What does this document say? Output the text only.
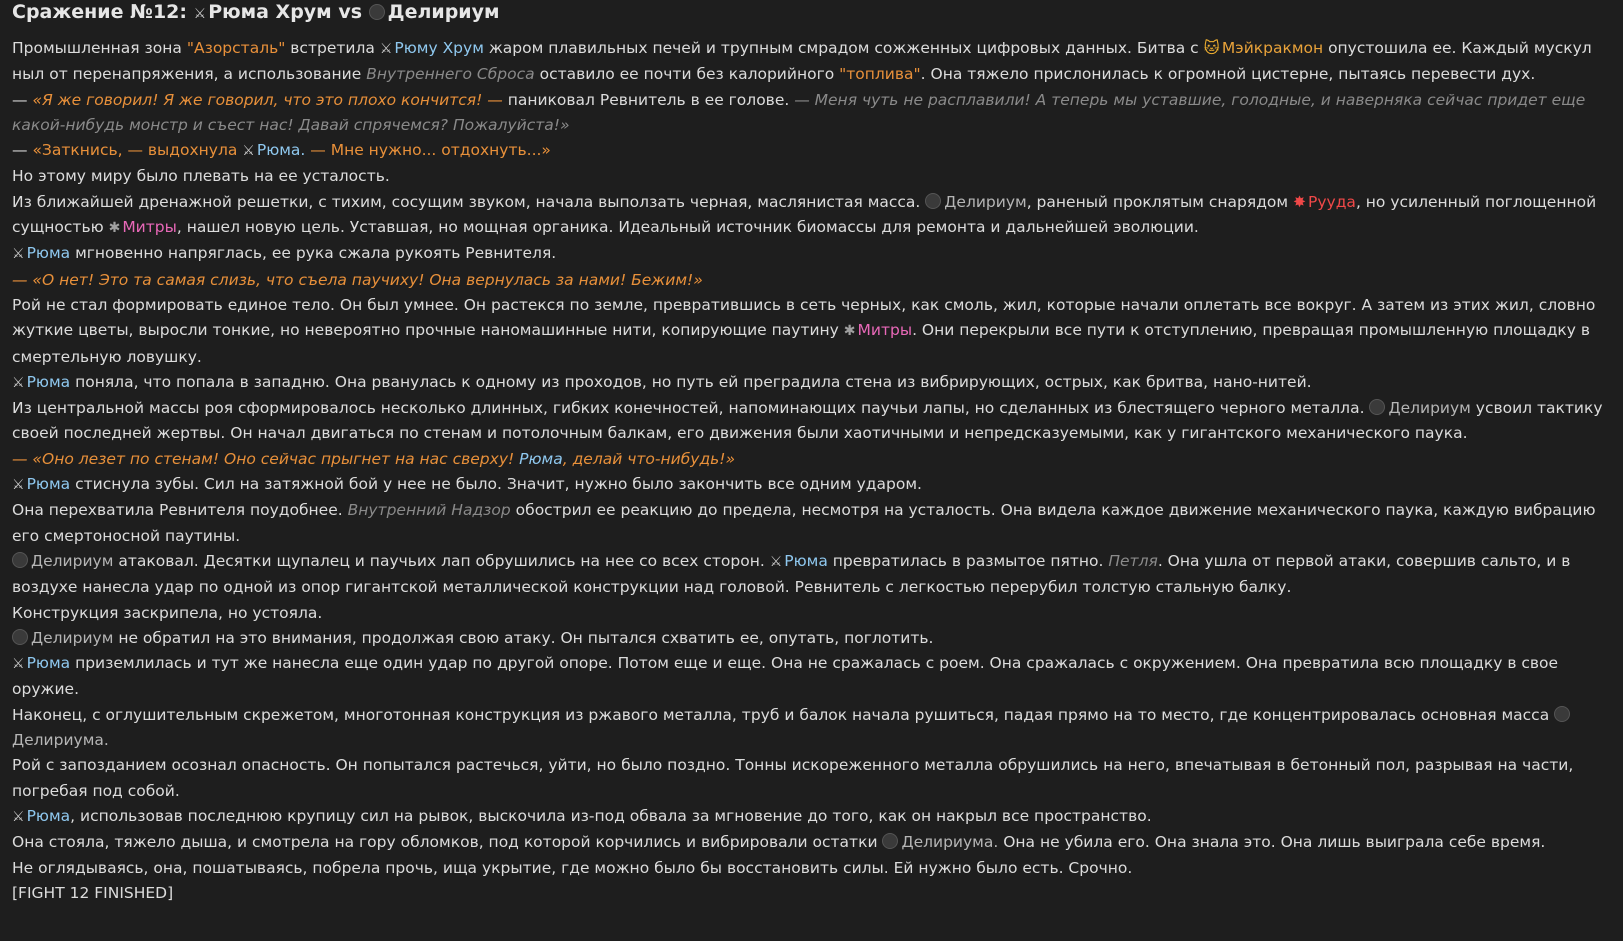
Сражение №12: ⚔ Рюма Хрум vs Делириум

Промышленная зона "Азорсталь" встретила ⚔ Рюму Хрум жаром плавильных печей и трупным смрадом сожженных цифровых данных. Битва с 🐱 Мэйкракмон опустошила ее. Каждый мускул ныл от перенапряжения, а использование Внутреннего Сброса оставило ее почти без калорийного "топлива". Она тяжело прислонилась к огромной цистерне, пытаясь перевести дух.

— «Я же говорил! Я же говорил, что это плохо кончится! — паниковал Ревнитель в ее голове. — Меня чуть не расплавили! А теперь мы уставшие, голодные, и наверняка сейчас придет еще какой-нибудь монстр и съест нас! Давай спрячемся? Пожалуйста!»

— «Заткнись, — выдохнула ⚔ Рюма. — Мне нужно... отдохнуть...»

Но этому миру было плевать на ее усталость.

Из ближайшей дренажной решетки, с тихим, сосущим звуком, начала выползать черная, маслянистая масса. Делириум, раненый проклятым снарядом ✸ Рууда, но усиленный поглощенной сущностью ✱ Митры, нашел новую цель. Уставшая, но мощная органика. Идеальный источник биомассы для ремонта и дальнейшей эволюции.

⚔ Рюма мгновенно напряглась, ее рука сжала рукоять Ревнителя.

— «О нет! Это та самая слизь, что съела паучиху! Она вернулась за нами! Бежим!»

Рой не стал формировать единое тело. Он был умнее. Он растекся по земле, превратившись в сеть черных, как смоль, жил, которые начали оплетать все вокруг. А затем из этих жил, словно жуткие цветы, выросли тонкие, но невероятно прочные наномашинные нити, копирующие паутину ✱ Митры. Они перекрыли все пути к отступлению, превращая промышленную площадку в смертельную ловушку.

⚔ Рюма поняла, что попала в западню. Она рванулась к одному из проходов, но путь ей преградила стена из вибрирующих, острых, как бритва, нано-нитей.

Из центральной массы роя сформировалось несколько длинных, гибких конечностей, напоминающих паучьи лапы, но сделанных из блестящего черного металла. Делириум усвоил тактику своей последней жертвы. Он начал двигаться по стенам и потолочным балкам, его движения были хаотичными и непредсказуемыми, как у гигантского механического паука.

— «Оно лезет по стенам! Оно сейчас прыгнет на нас сверху! Рюма, делай что-нибудь!»

⚔ Рюма стиснула зубы. Сил на затяжной бой у нее не было. Значит, нужно было закончить все одним ударом.

Она перехватила Ревнителя поудобнее. Внутренний Надзор обострил ее реакцию до предела, несмотря на усталость. Она видела каждое движение механического паука, каждую вибрацию его смертоносной паутины.

Делириум атаковал. Десятки щупалец и паучьих лап обрушились на нее со всех сторон. ⚔ Рюма превратилась в размытое пятно. Петля. Она ушла от первой атаки, совершив сальто, и в воздухе нанесла удар по одной из опор гигантской металлической конструкции над головой. Ревнитель с легкостью перерубил толстую стальную балку.

Конструкция заскрипела, но устояла.

Делириум не обратил на это внимания, продолжая свою атаку. Он пытался схватить ее, опутать, поглотить.

⚔ Рюма приземлилась и тут же нанесла еще один удар по другой опоре. Потом еще и еще. Она не сражалась с роем. Она сражалась с окружением. Она превратила всю площадку в свое оружие.

Наконец, с оглушительным скрежетом, многотонная конструкция из ржавого металла, труб и балок начала рушиться, падая прямо на то место, где концентрировалась основная масса Делириума.

Рой с запозданием осознал опасность. Он попытался растечься, уйти, но было поздно. Тонны искореженного металла обрушились на него, впечатывая в бетонный пол, разрывая на части, погребая под собой.

⚔ Рюма, использовав последнюю крупицу сил на рывок, выскочила из-под обвала за мгновение до того, как он накрыл все пространство.

Она стояла, тяжело дыша, и смотрела на гору обломков, под которой корчились и вибрировали остатки Делириума. Она не убила его. Она знала это. Она лишь выиграла себе время.

Не оглядываясь, она, пошатываясь, побрела прочь, ища укрытие, где можно было бы восстановить силы. Ей нужно было есть. Срочно.

[FIGHT 12 FINISHED]
